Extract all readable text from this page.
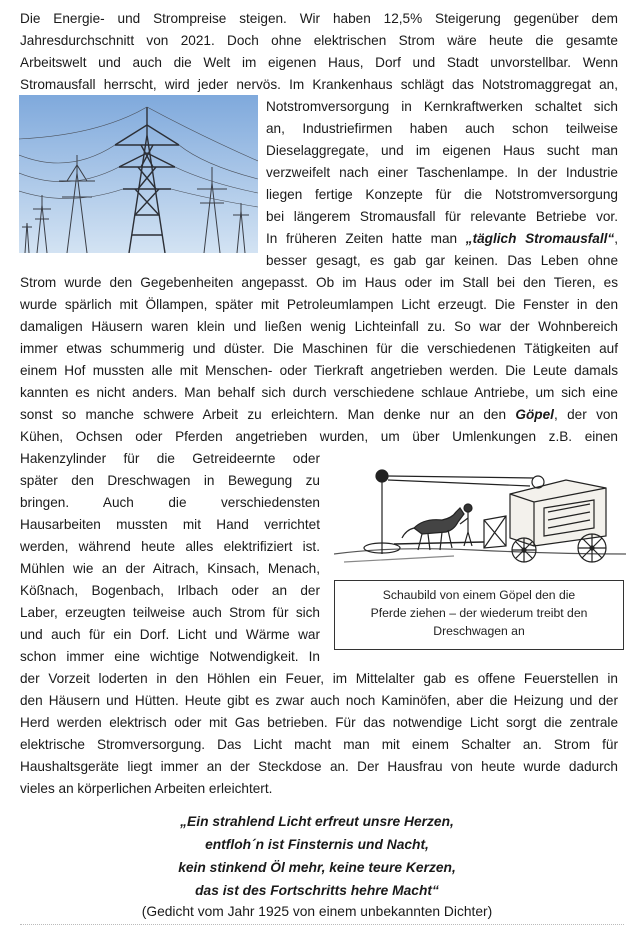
Die Energie- und Strompreise steigen. Wir haben 12,5% Steigerung gegenüber dem
Jahresdurchschnitt von 2021. Doch ohne elektrischen Strom wäre heute die gesamte
Arbeitswelt und auch die Welt im eigenen Haus, Dorf und Stadt unvorstellbar. Wenn
Stromausfall herrscht, wird jeder nervös. Im Krankenhaus schlägt das Notstromaggregat an,
Notstromversorgung in Kernkraftwerken schaltet sich
an, Industriefirmen haben auch schon teilweise
Dieselaggregate, und im eigenen Haus sucht man
verzweifelt nach einer Taschenlampe. In der Industrie
liegen fertige Konzepte für die Notstromversorgung
bei längerem Stromausfall für relevante Betriebe vor.
In früheren Zeiten hatte man „täglich Stromausfall“,
besser gesagt, es gab gar keinen. Das Leben ohne
Strom wurde den Gegebenheiten angepasst. Ob im Haus oder im Stall bei den Tieren, es
wurde spärlich mit Öllampen, später mit Petroleumlampen Licht erzeugt. Die Fenster in den
damaligen Häusern waren klein und ließen wenig Lichteinfall zu. So war der Wohnbereich
immer etwas schummerig und düster. Die Maschinen für die verschiedenen Tätigkeiten auf
einem Hof mussten alle mit Menschen- oder Tierkraft angetrieben werden. Die Leute damals
kannten es nicht anders. Man behalf sich durch verschiedene schlaue Antriebe, um sich eine
sonst so manche schwere Arbeit zu erleichtern. Man denke nur an den Göpel, der von
Kühen, Ochsen oder Pferden angetrieben wurden, um über Umlenkungen z.B. einen
Hakenzylinder für die Getreideernte oder
später den Dreschwagen in Bewegung zu
bringen. Auch die verschiedensten
Hausarbeiten mussten mit Hand verrichtet
werden, während heute alles elektrifiziert ist.
Mühlen wie an der Aitrach, Kinsach, Menach,
Kößnach, Bogenbach, Irlbach oder an der
Laber, erzeugten teilweise auch Strom für sich
und auch für ein Dorf. Licht und Wärme war
schon immer eine wichtige Notwendigkeit. In
Schaubild von einem Göpel den die
Pferde ziehen – der wiederum treibt den
Dreschwagen an
der Vorzeit loderten in den Höhlen ein Feuer, im Mittelalter gab es offene Feuerstellen in
den Häusern und Hütten. Heute gibt es zwar auch noch Kaminöfen, aber die Heizung und der
Herd werden elektrisch oder mit Gas betrieben. Für das notwendige Licht sorgt die zentrale
elektrische Stromversorgung. Das Licht macht man mit einem Schalter an. Strom für
Haushaltsgeräte liegt immer an der Steckdose an. Der Hausfrau von heute wurde dadurch
vieles an körperlichen Arbeiten erleichtert.
„Ein strahlend Licht erfreut unsre Herzen,
entfloh´n ist Finsternis und Nacht,
kein stinkend Öl mehr, keine teure Kerzen,
das ist des Fortschritts hehre Macht“
(Gedicht vom Jahr 1925 von einem unbekannten Dichter)
